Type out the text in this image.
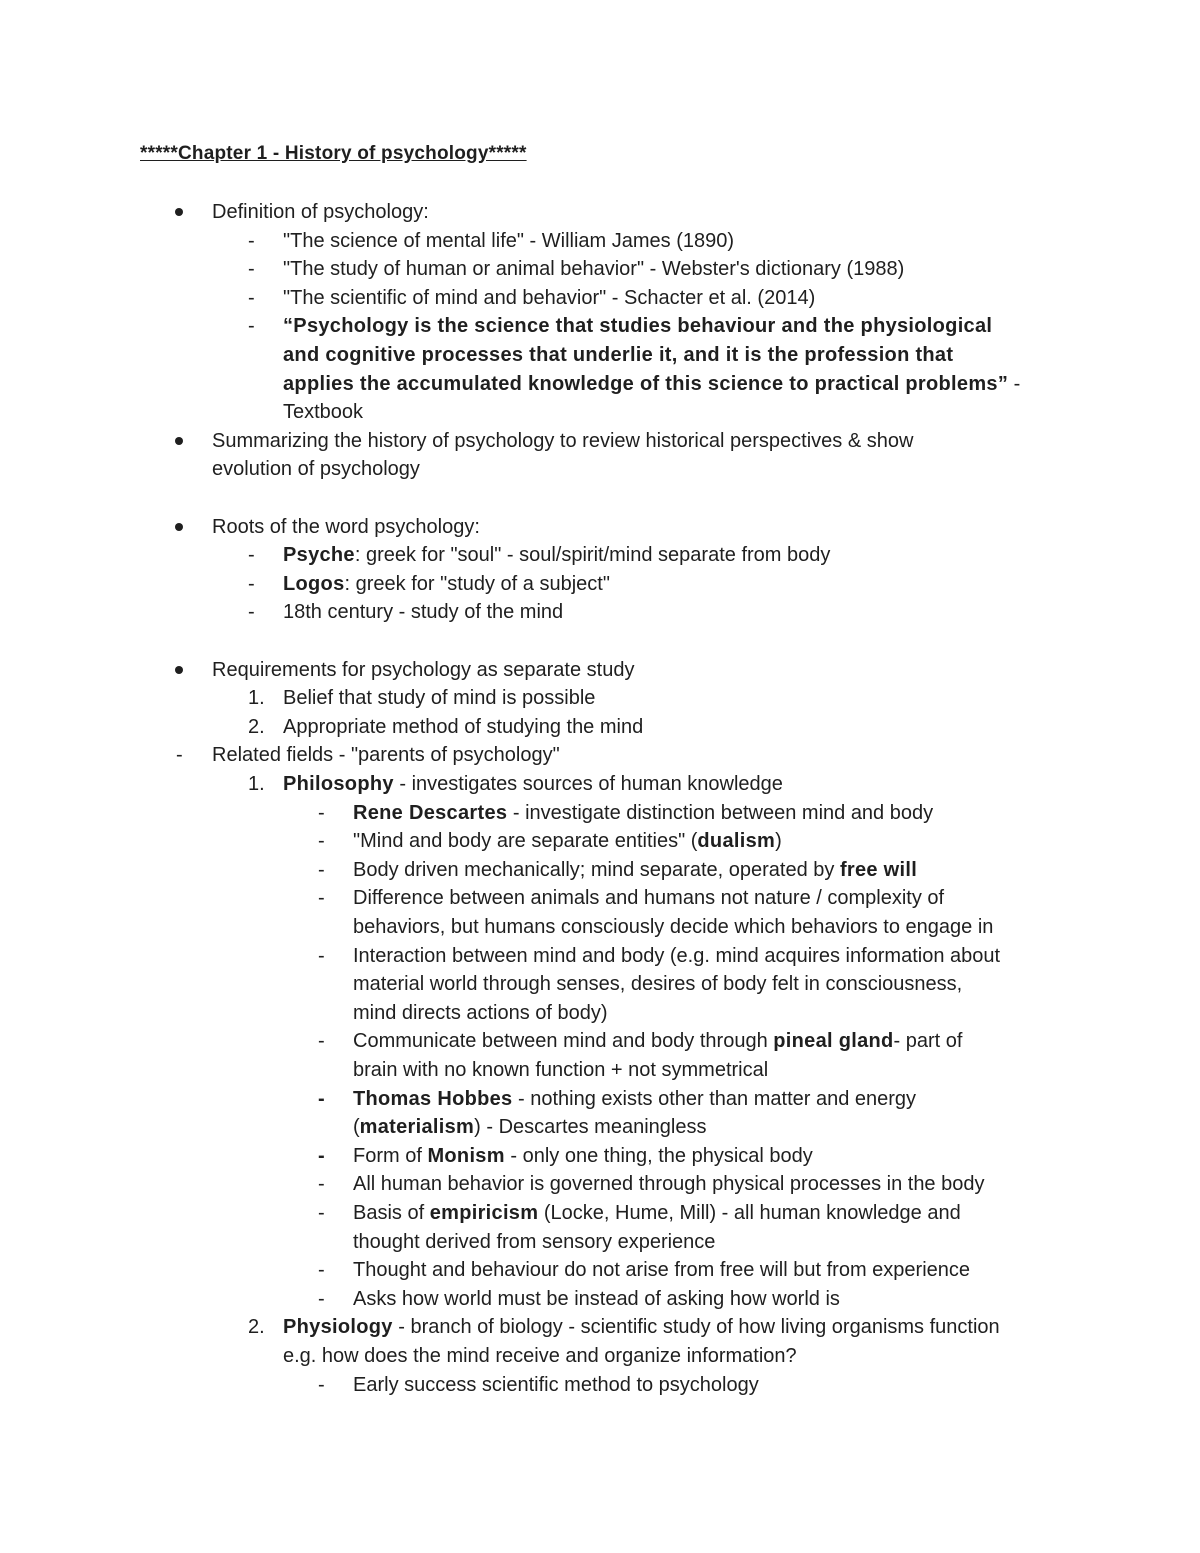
*****Chapter 1 - History of psychology*****
Definition of psychology:
- "The science of mental life" - William James (1890)
- "The study of human or animal behavior" - Webster's dictionary (1988)
- "The scientific of mind and behavior" - Schacter et al. (2014)
- “Psychology is the science that studies behaviour and the physiological
and cognitive processes that underlie it, and it is the profession that
applies the accumulated knowledge of this science to practical problems” -
Textbook
Summarizing the history of psychology to review historical perspectives & show
evolution of psychology
Roots of the word psychology:
- Psyche: greek for "soul" - soul/spirit/mind separate from body
- Logos: greek for "study of a subject"
- 18th century - study of the mind
Requirements for psychology as separate study
1. Belief that study of mind is possible
2. Appropriate method of studying the mind
- Related fields - "parents of psychology"
1. Philosophy - investigates sources of human knowledge
- Rene Descartes - investigate distinction between mind and body
- "Mind and body are separate entities" (dualism)
- Body driven mechanically; mind separate, operated by free will
- Difference between animals and humans not nature / complexity of
behaviors, but humans consciously decide which behaviors to engage in
- Interaction between mind and body (e.g. mind acquires information about
material world through senses, desires of body felt in consciousness,
mind directs actions of body)
- Communicate between mind and body through pineal gland- part of
brain with no known function + not symmetrical
- Thomas Hobbes - nothing exists other than matter and energy
(materialism) - Descartes meaningless
- Form of Monism - only one thing, the physical body
- All human behavior is governed through physical processes in the body
- Basis of empiricism (Locke, Hume, Mill) - all human knowledge and
thought derived from sensory experience
- Thought and behaviour do not arise from free will but from experience
- Asks how world must be instead of asking how world is
2. Physiology - branch of biology - scientific study of how living organisms function
e.g. how does the mind receive and organize information?
- Early success scientific method to psychology
